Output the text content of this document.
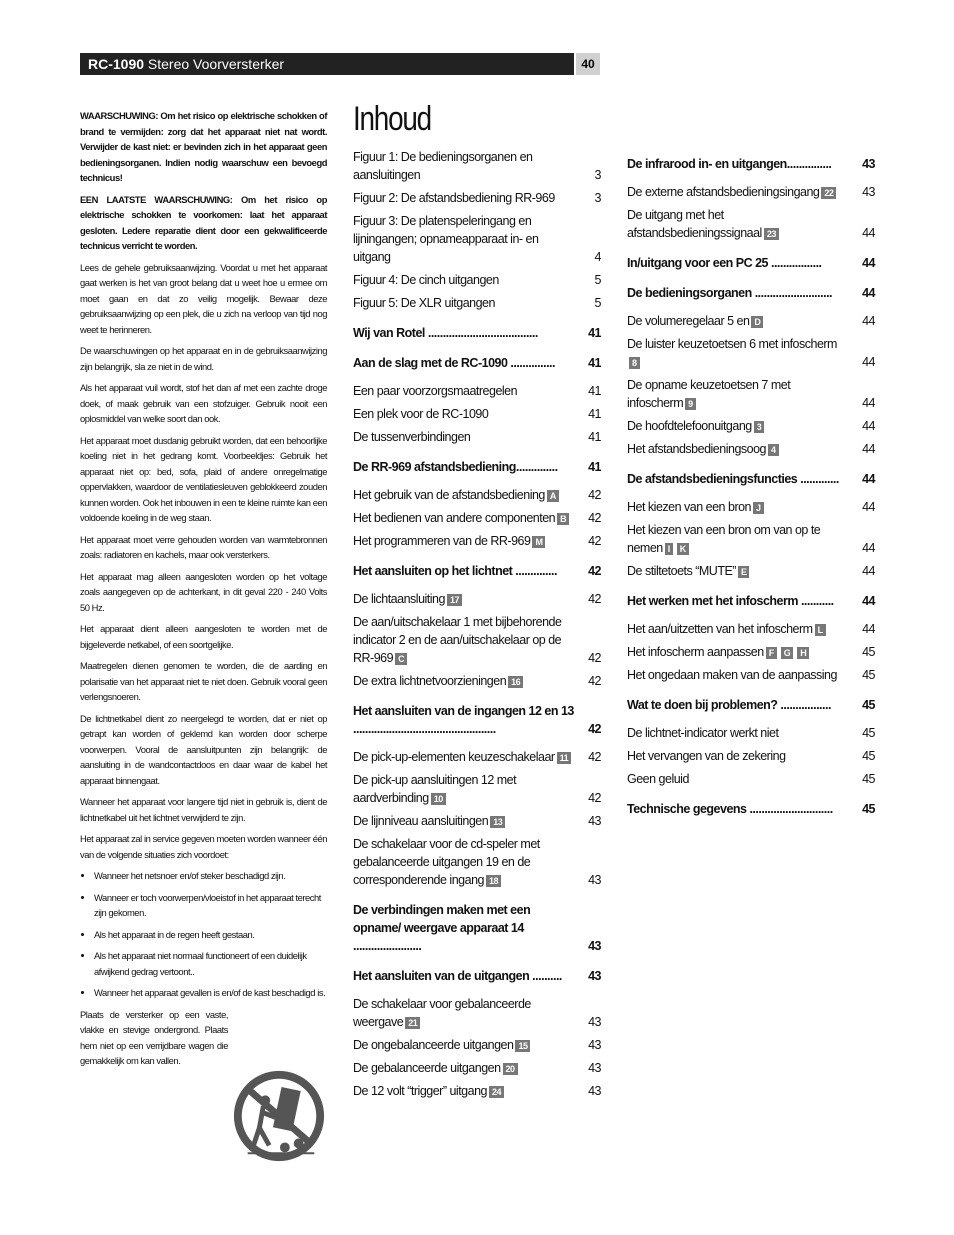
RC-1090 Stereo Voorversterker	40

WAARSCHUWING: Om het risico op elektrische schokken of brand te vermijden: zorg dat het apparaat niet nat wordt. Verwijder de kast niet: er bevinden zich in het apparaat geen bedieningsorganen. Indien nodig waarschuw een bevoegd technicus!

EEN LAATSTE WAARSCHUWING: Om het risico op elektrische schokken te voorkomen: laat het apparaat gesloten. Ledere reparatie dient door een gekwalificeerde technicus verricht te worden.

Lees de gehele gebruiksaanwijzing. Voordat u met het apparaat gaat werken is het van groot belang dat u weet hoe u ermee om moet gaan en dat zo veilig mogelijk. Bewaar deze gebruiksaanwijzing op een plek, die u zich na verloop van tijd nog weet te herinneren.

De waarschuwingen op het apparaat en in de gebruiksaanwijzing zijn belangrijk, sla ze niet in de wind.

Als het apparaat vuil wordt, stof het dan af met een zachte droge doek, of maak gebruik van een stofzuiger. Gebruik nooit een oplosmiddel van welke soort dan ook.

Het apparaat moet dusdanig gebruikt worden, dat een behoorlijke koeling niet in het gedrang komt. Voorbeeldjes: Gebruik het apparaat niet op: bed, sofa, plaid of andere onregelmatige oppervlakken, waardoor de ventilatiesleuven geblokkeerd zouden kunnen worden. Ook het inbouwen in een te kleine ruimte kan een voldoende koeling in de weg staan.

Het apparaat moet verre gehouden worden van warmtebronnen zoals: radiatoren en kachels, maar ook versterkers.

Het apparaat mag alleen aangesloten worden op het voltage zoals aangegeven op de achterkant, in dit geval 220 - 240 Volts 50 Hz.

Het apparaat dient alleen aangesloten te worden met de bijgeleverde netkabel, of een soortgelijke.

Maatregelen dienen genomen te worden, die de aarding en polarisatie van het apparaat niet te niet doen. Gebruik vooral geen verlengsnoeren.

De lichtnetkabel dient zo neergelegd te worden, dat er niet op getrapt kan worden of geklemd kan worden door scherpe voorwerpen. Vooral de aansluitpunten zijn belangrijk: de aansluiting in de wandcontactdoos en daar waar de kabel het apparaat binnengaat.

Wanneer het apparaat voor langere tijd niet in gebruik is, dient de lichtnetkabel uit het lichtnet verwijderd te zijn.

Het apparaat zal in service gegeven moeten worden wanneer één van de volgende situaties zich voordoet:

• Wanneer het netsnoer en/of steker beschadigd zijn.
• Wanneer er toch voorwerpen/vloeistof in het apparaat terecht zijn gekomen.
• Als het apparaat in de regen heeft gestaan.
• Als het apparaat niet normaal functioneert of een duidelijk afwijkend gedrag vertoont..
• Wanneer het apparaat gevallen is en/of de kast beschadigd is.

Plaats de versterker op een vaste, vlakke en stevige ondergrond. Plaats hem niet op een verrijdbare wagen die gemakkelijk om kan vallen.

Inhoud
Figuur 1: De bedieningsorganen en aansluitingen	3
Figuur 2: De afstandsbediening RR-969	3
Figuur 3: De platenspeleringang en lijningangen; opnameapparaat in- en uitgang	4
Figuur 4: De cinch uitgangen	5
Figuur 5: De XLR uitgangen	5
Wij van Rotel .....................................	41
Aan de slag met de RC-1090 ...............	41
Een paar voorzorgsmaatregelen	41
Een plek voor de RC-1090	41
De tussenverbindingen	41
De RR-969 afstandsbediening..............	41
Het gebruik van de afstandsbediening A	42
Het bedienen van andere componenten B	42
Het programmeren van de RR-969 M	42
Het aansluiten op het lichtnet ..............	42
De lichtaansluiting 17	42
De aan/uitschakelaar 1 met bijbehorende indicator 2 en de aan/uitschakelaar op de RR-969 C	42
De extra lichtnetvoorzieningen 16	42
Het aansluiten van de ingangen 12 en 13 ................................................	42
De pick-up-elementen keuzeschakelaar 11	42
De pick-up aansluitingen 12 met aardverbinding 10	42
De lijnniveau aansluitingen 13	43
De schakelaar voor de cd-speler met gebalanceerde uitgangen 19 en de corresponderende ingang 18	43
De verbindingen maken met een opname/ weergave apparaat 14 .......................	43
Het aansluiten van de uitgangen ..........	43
De schakelaar voor gebalanceerde weergave 21	43
De ongebalanceerde uitgangen 15	43
De gebalanceerde uitgangen 20	43
De 12 volt “trigger” uitgang 24	43
De infrarood in- en uitgangen...............	43
De externe afstandsbedieningsingang 22	43
De uitgang met het afstandsbedieningssignaal 23	44
In/uitgang voor een PC 25 .................	44
De bedieningsorganen ..........................	44
De volumeregelaar 5 en D	44
De luister keuzetoetsen 6 met infoscherm8	44
De opname keuzetoetsen 7 met infoscherm 9	44
De hoofdtelefoonuitgang 3	44
Het afstandsbedieningsoog 4	44
De afstandsbedieningsfuncties .............	44
Het kiezen van een bron J	44
Het kiezen van een bron om van op te nemen I K	44
De stiltetoets “MUTE” E	44
Het werken met het infoscherm ...........	44
Het aan/uitzetten van het infoscherm L	44
Het infoscherm aanpassen F G H	45
Het ongedaan maken van de aanpassing	45
Wat te doen bij problemen? .................	45
De lichtnet-indicator werkt niet	45
Het vervangen van de zekering	45
Geen geluid	45
Technische gegevens ............................	45
